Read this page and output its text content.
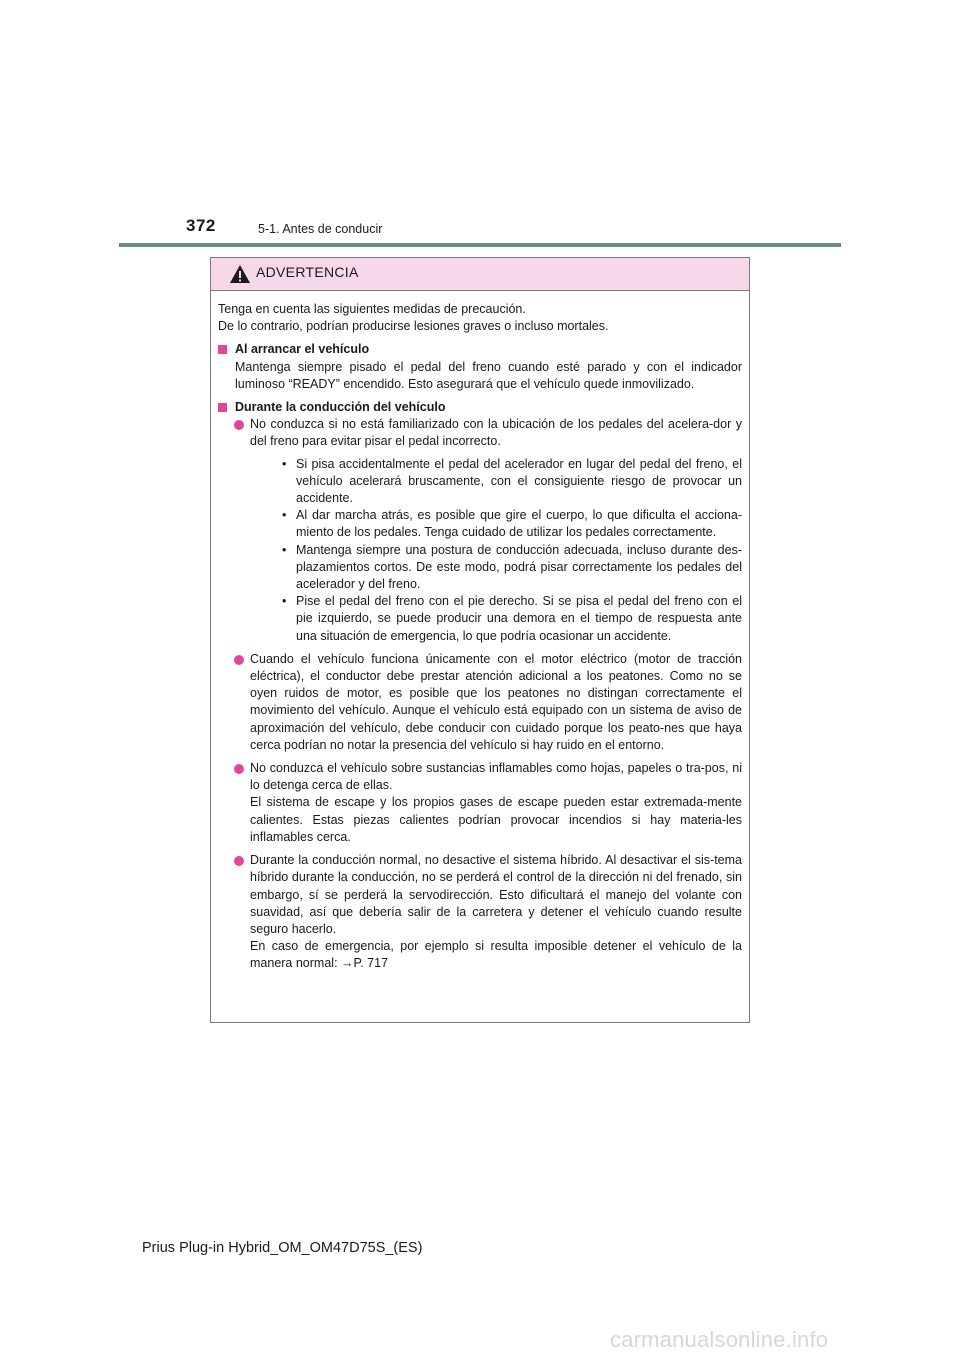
372	5-1. Antes de conducir
ADVERTENCIA

Tenga en cuenta las siguientes medidas de precaución.

De lo contrario, podrían producirse lesiones graves o incluso mortales.

Al arrancar el vehículo
Mantenga siempre pisado el pedal del freno cuando esté parado y con el indicador luminoso “READY” encendido. Esto asegurará que el vehículo quede inmovilizado.
Durante la conducción del vehículo

No conduzca si no está familiarizado con la ubicación de los pedales del acelera-dor y del freno para evitar pisar el pedal incorrecto.

• Si pisa accidentalmente el pedal del acelerador en lugar del pedal del freno, el vehículo acelerará bruscamente, con el consiguiente riesgo de provocar un accidente.
• Al dar marcha atrás, es posible que gire el cuerpo, lo que dificulta el acciona-miento de los pedales. Tenga cuidado de utilizar los pedales correctamente.
• Mantenga siempre una postura de conducción adecuada, incluso durante des-plazamientos cortos. De este modo, podrá pisar correctamente los pedales del acelerador y del freno.
• Pise el pedal del freno con el pie derecho. Si se pisa el pedal del freno con el pie izquierdo, se puede producir una demora en el tiempo de respuesta ante una situación de emergencia, lo que podría ocasionar un accidente.

Cuando el vehículo funciona únicamente con el motor eléctrico (motor de tracción eléctrica), el conductor debe prestar atención adicional a los peatones. Como no se oyen ruidos de motor, es posible que los peatones no distingan correctamente el movimiento del vehículo. Aunque el vehículo está equipado con un sistema de aviso de aproximación del vehículo, debe conducir con cuidado porque los peato-nes que haya cerca podrían no notar la presencia del vehículo si hay ruido en el entorno.

No conduzca el vehículo sobre sustancias inflamables como hojas, papeles o tra-pos, ni lo detenga cerca de ellas.

El sistema de escape y los propios gases de escape pueden estar extremada-mente calientes. Estas piezas calientes podrían provocar incendios si hay materia-les inflamables cerca.

Durante la conducción normal, no desactive el sistema híbrido. Al desactivar el sis-tema híbrido durante la conducción, no se perderá el control de la dirección ni del frenado, sin embargo, sí se perderá la servodirección. Esto dificultará el manejo del volante con suavidad, así que debería salir de la carretera y detener el vehículo cuando resulte seguro hacerlo.

En caso de emergencia, por ejemplo si resulta imposible detener el vehículo de la manera normal: →P. 717

Prius Plug-in Hybrid_OM_OM47D75S_(ES)
carmanualsonline.info
